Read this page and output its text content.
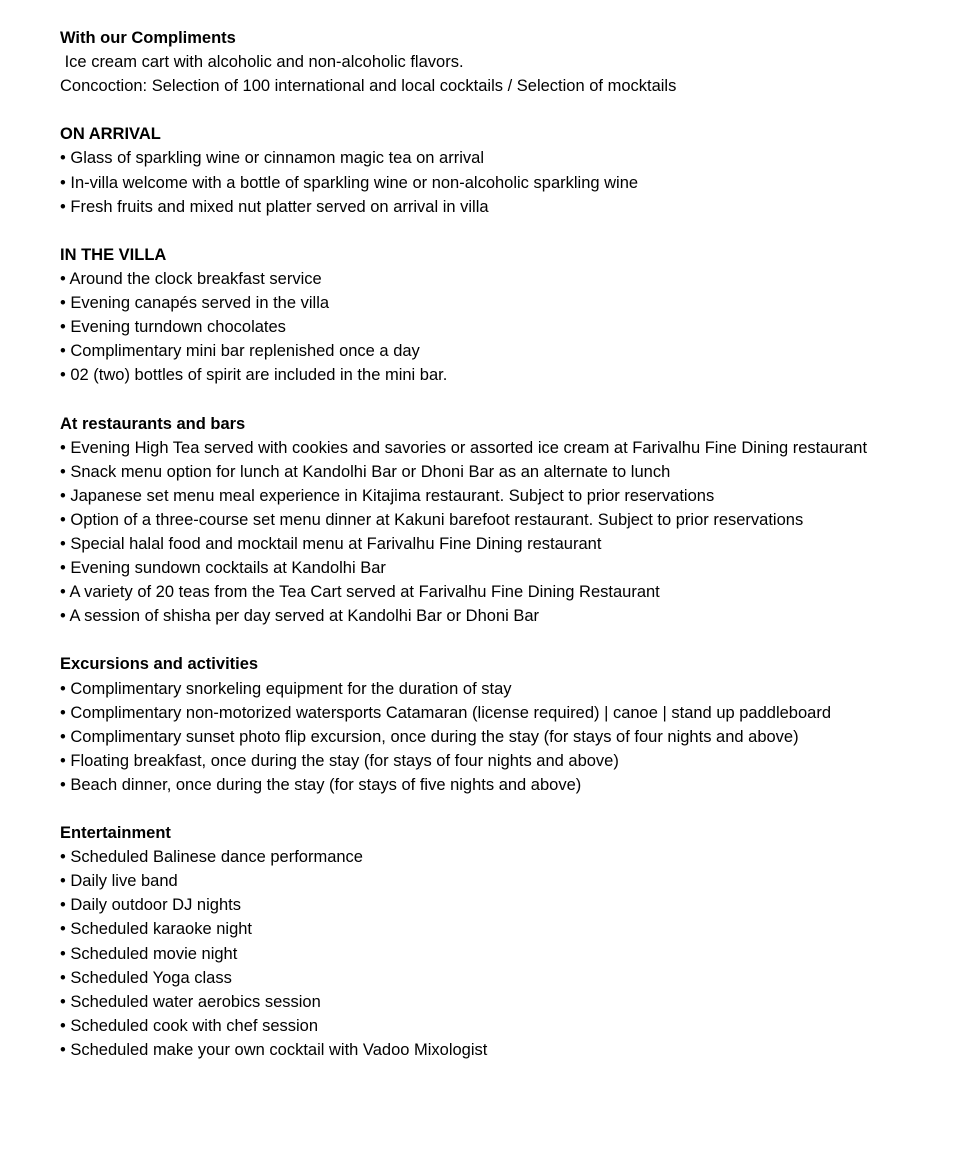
With our Compliments
Ice cream cart with alcoholic and non-alcoholic flavors.
Concoction: Selection of 100 international and local cocktails / Selection of mocktails
ON ARRIVAL
• Glass of sparkling wine or cinnamon magic tea on arrival
• In-villa welcome with a bottle of sparkling wine or non-alcoholic sparkling wine
• Fresh fruits and mixed nut platter served on arrival in villa
IN THE VILLA
• Around the clock breakfast service
• Evening canapés served in the villa
• Evening turndown chocolates
• Complimentary mini bar replenished once a day
• 02 (two) bottles of spirit are included in the mini bar.
At restaurants and bars
• Evening High Tea served with cookies and savories or assorted ice cream at Farivalhu Fine Dining restaurant
• Snack menu option for lunch at Kandolhi Bar or Dhoni Bar as an alternate to lunch
• Japanese set menu meal experience in Kitajima restaurant. Subject to prior reservations
• Option of a three-course set menu dinner at Kakuni barefoot restaurant. Subject to prior reservations
• Special halal food and mocktail menu at Farivalhu Fine Dining restaurant
• Evening sundown cocktails at Kandolhi Bar
• A variety of 20 teas from the Tea Cart served at Farivalhu Fine Dining Restaurant
• A session of shisha per day served at Kandolhi Bar or Dhoni Bar
Excursions and activities
• Complimentary snorkeling equipment for the duration of stay
• Complimentary non-motorized watersports Catamaran (license required) | canoe | stand up paddleboard
• Complimentary sunset photo flip excursion, once during the stay (for stays of four nights and above)
• Floating breakfast, once during the stay (for stays of four nights and above)
• Beach dinner, once during the stay (for stays of five nights and above)
Entertainment
• Scheduled Balinese dance performance
• Daily live band
• Daily outdoor DJ nights
• Scheduled karaoke night
• Scheduled movie night
• Scheduled Yoga class
• Scheduled water aerobics session
• Scheduled cook with chef session
• Scheduled make your own cocktail with Vadoo Mixologist
